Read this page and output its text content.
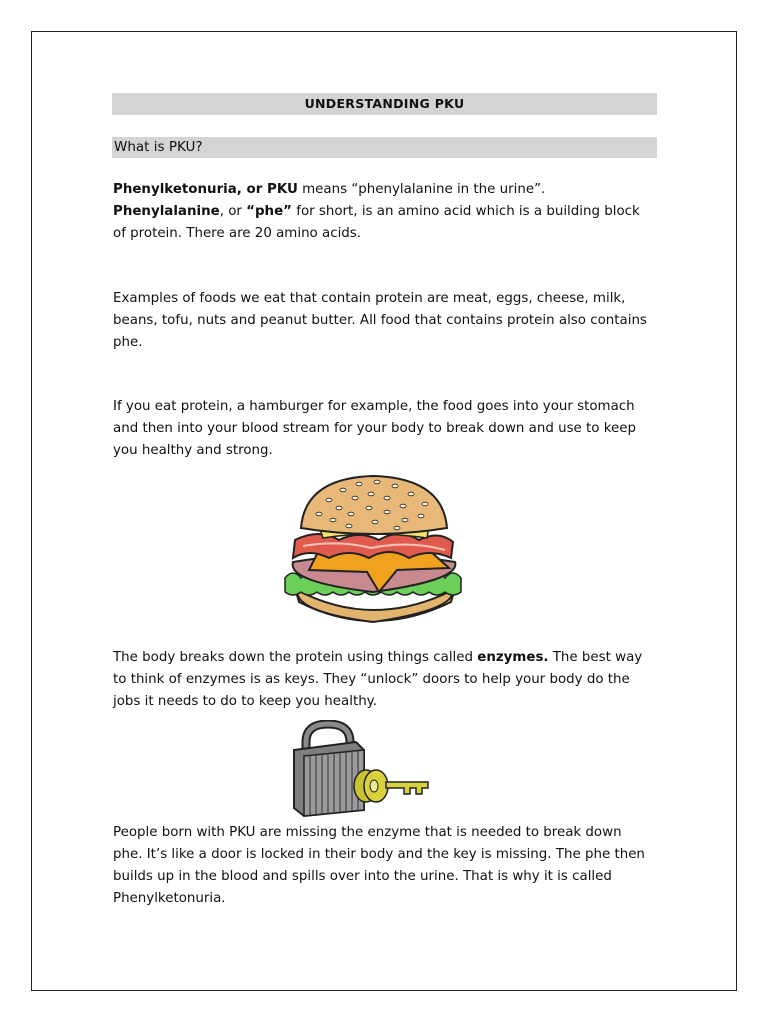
UNDERSTANDING PKU
What is PKU?

Phenylketonuria, or PKU means “phenylalanine in the urine”. Phenylalanine, or “phe” for short, is an amino acid which is a building block of protein. There are 20 amino acids.

Examples of foods we eat that contain protein are meat, eggs, cheese, milk, beans, tofu, nuts and peanut butter. All food that contains protein also contains phe.

If you eat protein, a hamburger for example, the food goes into your stomach and then into your blood stream for your body to break down and use to keep you healthy and strong.

The body breaks down the protein using things called enzymes. The best way to think of enzymes is as keys. They “unlock” doors to help your body do the jobs it needs to do to keep you healthy.

People born with PKU are missing the enzyme that is needed to break down phe. It’s like a door is locked in their body and the key is missing. The phe then builds up in the blood and spills over into the urine. That is why it is called Phenylketonuria.
